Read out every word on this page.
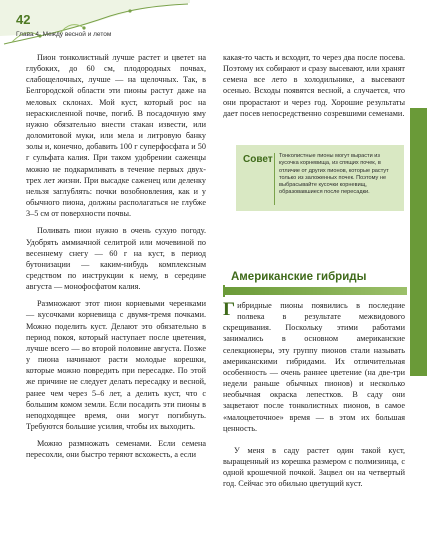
42
Глава 4. Между весной и летом

Пион тонколистный лучше растет и цветет на глубоких, до 60 см, плодородных почвах, слабощелочных, лучше — на щелочных. Так, в Белгородской области эти пионы растут даже на меловых склонах. Мой куст, который рос на нераскисленной почве, погиб. В посадочную яму нужно обязательно внести стакан извести, или доломитовой муки, или мела и литровую банку золы и, конечно, добавить 100 г суперфосфата и 50 г сульфата калия. При таком удобрении саженцы можно не подкармливать в течение первых двух-трех лет жизни. При высадке саженец или деленку нельзя заглублять: почки возобновления, как и у обычного пиона, должны располагаться не глубже 3–5 см от поверхности почвы.

Поливать пион нужно в очень сухую погоду. Удобрять аммиачной селитрой или мочевиной по весеннему снегу — 60 г на куст, в период бутонизации — каким-нибудь комплексным средством по инструкции к нему, в середине августа — монофосфатом калия.

Размножают этот пион корневыми черенками — кусочками корневища с двумя-тремя почками. Можно поделить куст. Делают это обязательно в период покоя, который наступает после цветения, лучше всего — во второй половине августа. Позже у пиона начинают расти молодые корешки, которые можно повредить при пересадке. По этой же причине не следует делать пересадку и весной, ранее чем через 5–6 лет, а делить куст, что с большим комом земли. Если посадить эти пионы в неподходящее время, они могут погибнуть. Требуются большие усилия, чтобы их выходить.

Можно размножать семенами. Если семена пересохли, они быстро теряют всхожесть, а если

какая-то часть и всходит, то через два после посева. Поэтому их собирают и сразу высевают, или хранят семена все лето в холодильнике, а высевают осенью. Всходы появятся весной, а случается, что они прорастают и через год. Хорошие результаты дает посев непосредственно созревшими семенами.

Совет Тонколистные пионы могут вырасти из кусочка корневища, из спящих почек, в отличие от других пионов, которые растут только из заложенных почек. Поэтому не выбрасывайте кусочки корневищ, образовавшиеся после пересадки.
Американские гибриды

Гибридные пионы появились в последние полвека в результате межвидового скрещивания. Поскольку этими работами занимались в основном американские селекционеры, эту группу пионов стали называть американскими гибридами. Их отличительная особенность — очень раннее цветение (на две-три недели раньше обычных пионов) и несколько необычная окраска лепестков. В саду они зацветают после тонколистных пионов, в самое «малоцветочное» время — в этом их большая ценность.

У меня в саду растет один такой куст, выращенный из корешка размером с полмизинца, с одной крошечной почкой. Зацвел он на четвертый год. Сейчас это обильно цветущий куст.
